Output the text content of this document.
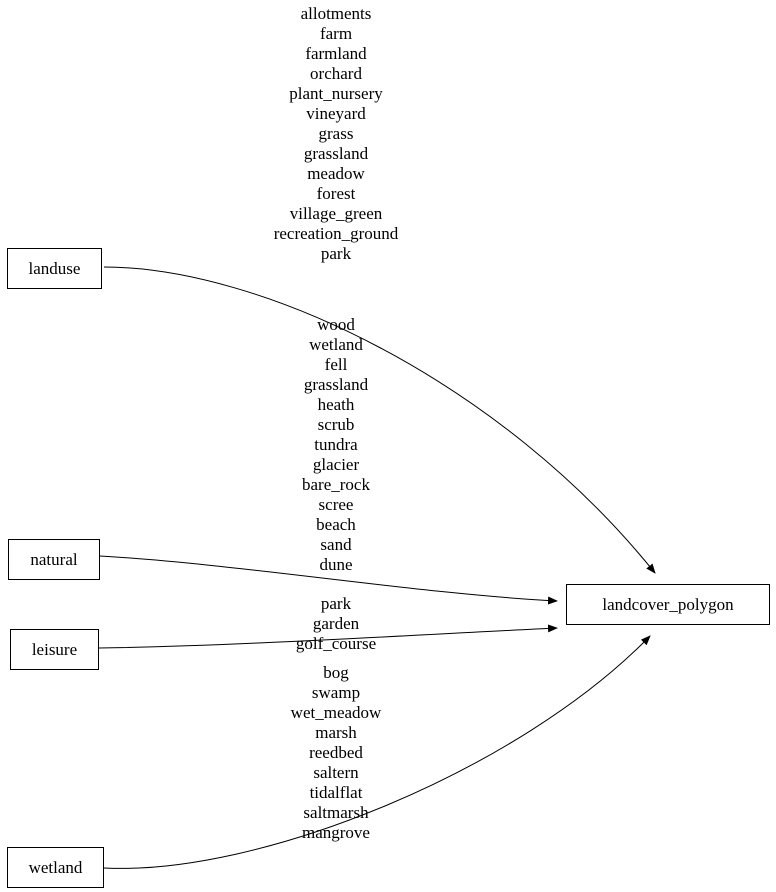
landuse
natural
leisure
wetland
landcover_polygon
allotments
farm
farmland
orchard
plant_nursery
vineyard
grass
grassland
meadow
forest
village_green
recreation_ground
park
wood
wetland
fell
grassland
heath
scrub
tundra
glacier
bare_rock
scree
beach
sand
dune
park
garden
golf_course
bog
swamp
wet_meadow
marsh
reedbed
saltern
tidalflat
saltmarsh
mangrove
